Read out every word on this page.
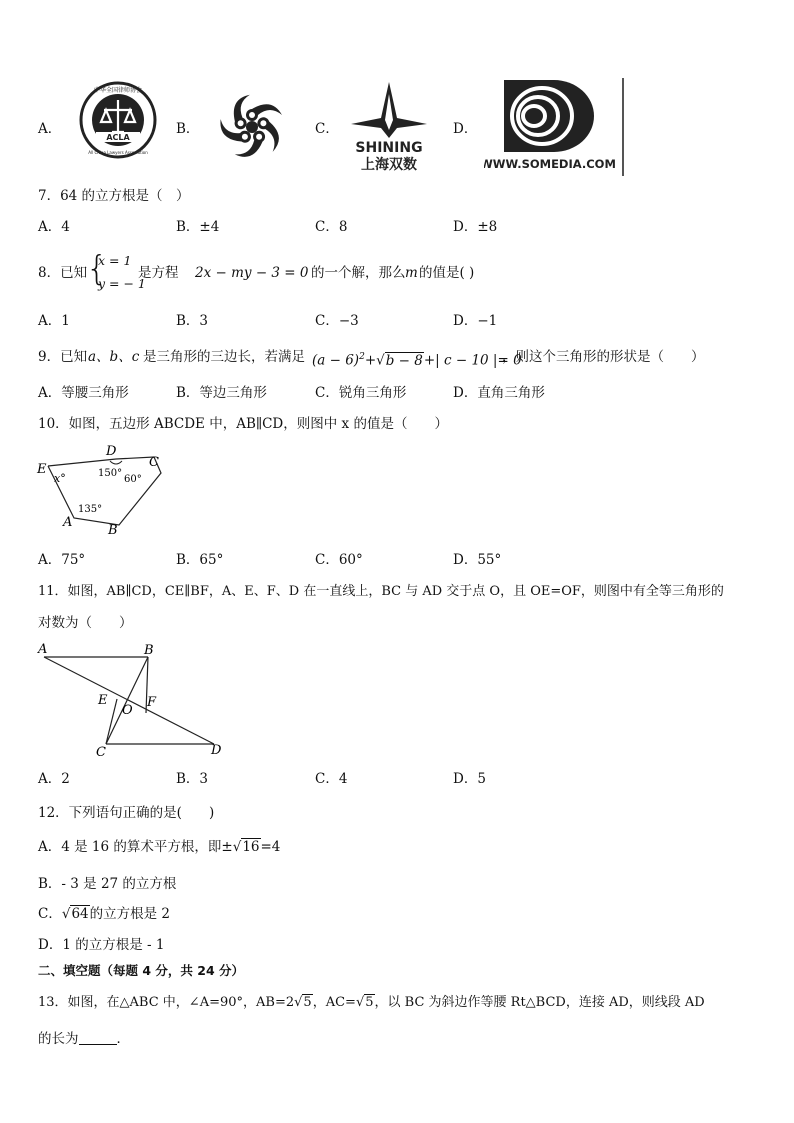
A．
中华全国律师协会
All China Lawyers Association
ACLA
B．	C．
SHINING
上海双数
D．
WWW.SOMEDIA.COM
7．64 的立方根是（　）
A．4	B．±4	C．8	D．±8
8．已知
{
x = 1
y = − 1
是方程 2x − my − 3 = 0 的一个解，那么 m 的值是( )
A．1	B．3	C．−3	D．−1
9．已知 a、b、c 是三角形的三边长，若满足 $(a - 6)^2+√b - 8+|$ c − 10 |= 0
，则这个三角形的形状是（　　）
A．等腰三角形	B．等边三角形	C．锐角三角形	D．直角三角形
10．如图，五边形 ABCDE 中，AB∥CD，则图中 x 的值是（　　）
E
D
C
A
B
x°	150°
60°
135°
A．75°	B．65°	C．60°	D．55°
11．如图，AB∥CD，CE∥BF，A、E、F、D 在一直线上，BC 与 AD 交于点 O，且 OE=OF，则图中有全等三角形的
对数为（　　）
A	B
E
O
F
C	D
A．2	B．3	C．4	D．5
12．下列语句正确的是(　　)
A．4 是 16 的算术平方根，即±√16=4
B．- 3 是 27 的立方根
C．√64的立方根是 2
D．1 的立方根是 - 1
二、填空题（每题 4 分，共 24 分）
13．如图，在△ABC 中，∠A=90°，AB=2√5，AC=√5，以 BC 为斜边作等腰 Rt△BCD，连接 AD，则线段 AD
的长为	．
